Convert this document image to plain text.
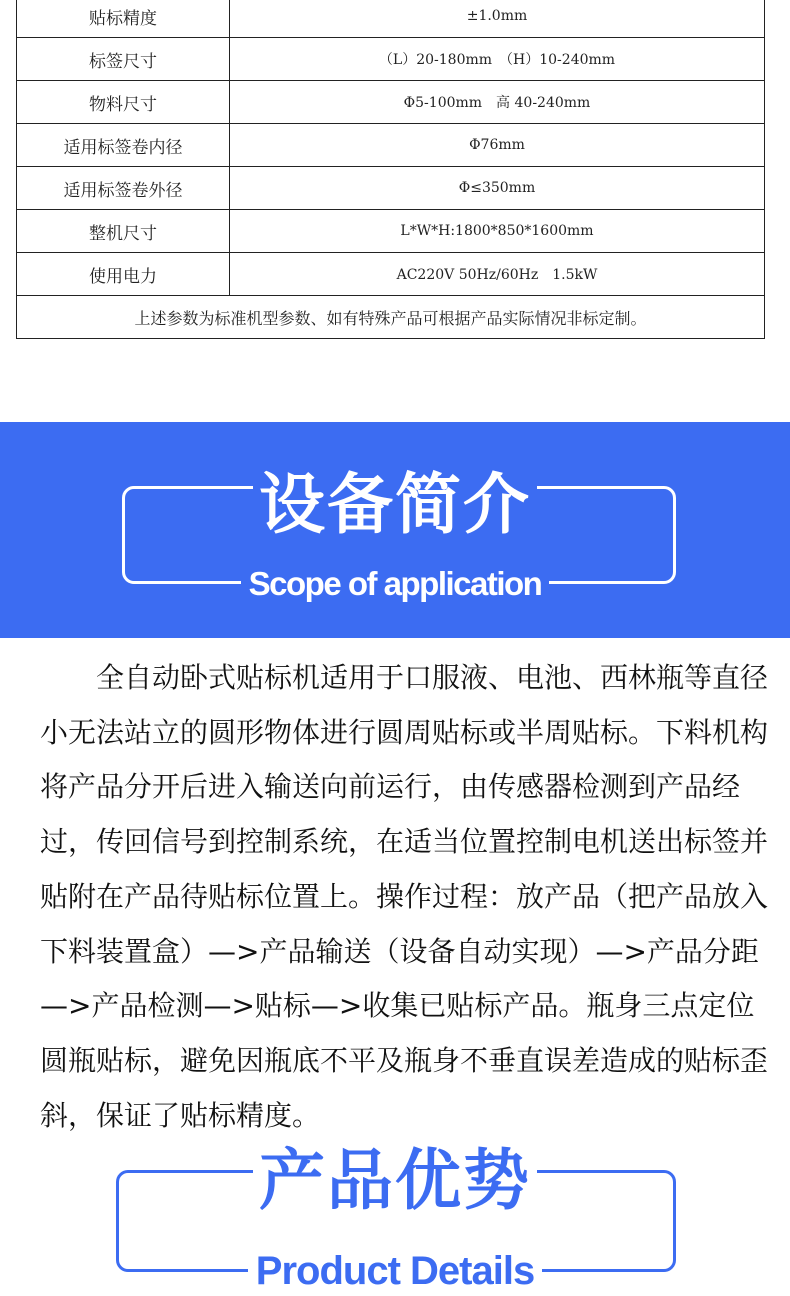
贴标精度	±1.0mm
标签尺寸	（L）20-180mm　（H）10-240mm
物料尺寸	Φ5-100mm　高 40-240mm
适用标签卷内径	Φ76mm
适用标签卷外径	Φ≤350mm
整机尺寸	L*W*H:1800*850*1600mm
使用电力	AC220V 50Hz/60Hz　1.5kW
上述参数为标准机型参数、如有特殊产品可根据产品实际情况非标定制。	
设备简介
Scope of application

全自动卧式贴标机适用于口服液、电池、西林瓶等直径小无法站立的圆形物体进行圆周贴标或半周贴标。下料机构将产品分开后进入输送向前运行，由传感器检测到产品经过，传回信号到控制系统，在适当位置控制电机送出标签并贴附在产品待贴标位置上。操作过程：放产品（把产品放入下料装置盒）—>产品输送（设备自动实现）—>产品分距—>产品检测—>贴标—>收集已贴标产品。瓶身三点定位圆瓶贴标，避免因瓶底不平及瓶身不垂直误差造成的贴标歪斜，保证了贴标精度。

产品优势
Product Details
